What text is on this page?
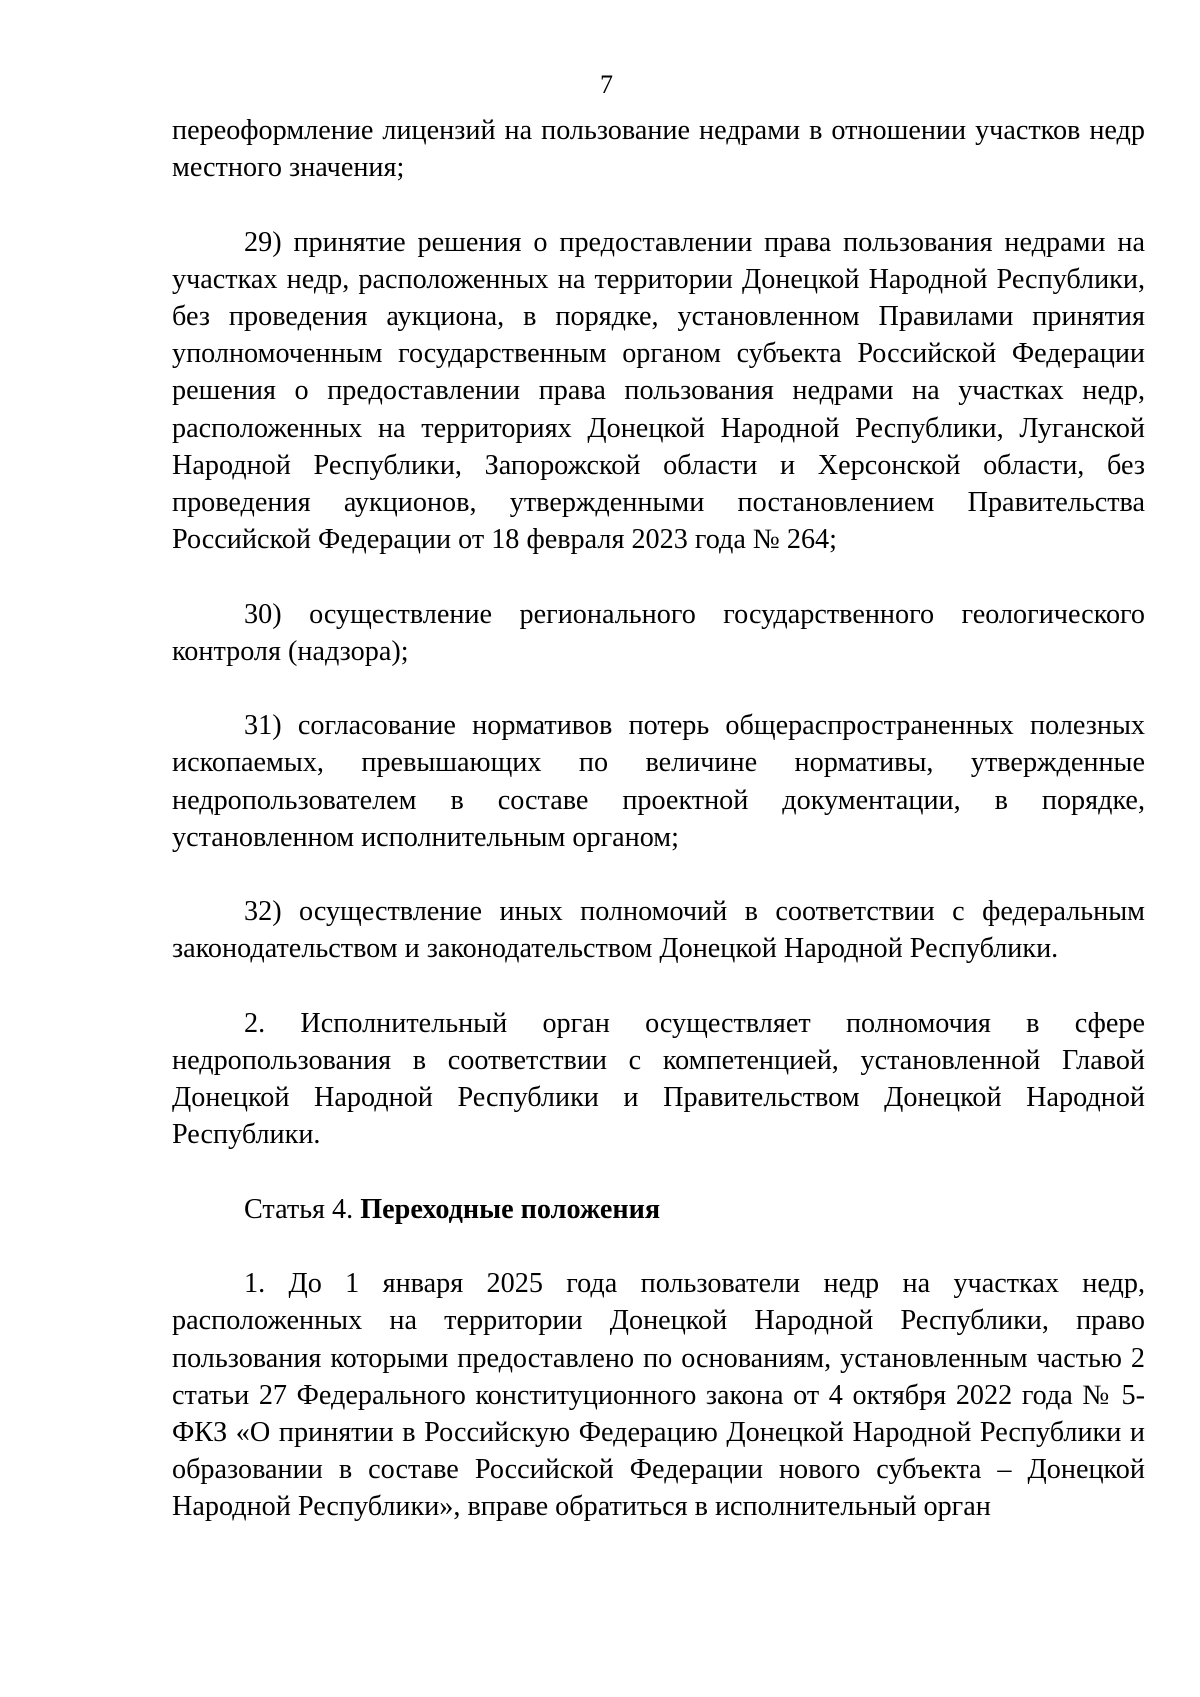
7

переоформление лицензий на пользование недрами в отношении участков недр местного значения;

29) принятие решения о предоставлении права пользования недрами на участках недр, расположенных на территории Донецкой Народной Республики, без проведения аукциона, в порядке, установленном Правилами принятия уполномоченным государственным органом субъекта Российской Федерации решения о предоставлении права пользования недрами на участках недр, расположенных на территориях Донецкой Народной Республики, Луганской Народной Республики, Запорожской области и Херсонской области, без проведения аукционов, утвержденными постановлением Правительства Российской Федерации от 18 февраля 2023 года № 264;

30) осуществление регионального государственного геологического контроля (надзора);

31) согласование нормативов потерь общераспространенных полезных ископаемых, превышающих по величине нормативы, утвержденные недропользователем в составе проектной документации, в порядке, установленном исполнительным органом;

32) осуществление иных полномочий в соответствии с федеральным законодательством и законодательством Донецкой Народной Республики.

2. Исполнительный орган осуществляет полномочия в сфере недропользования в соответствии с компетенцией, установленной Главой Донецкой Народной Республики и Правительством Донецкой Народной Республики.

Статья 4. Переходные положения

1. До 1 января 2025 года пользователи недр на участках недр, расположенных на территории Донецкой Народной Республики, право пользования которыми предоставлено по основаниям, установленным частью 2 статьи 27 Федерального конституционного закона от 4 октября 2022 года № 5-ФКЗ «О принятии в Российскую Федерацию Донецкой Народной Республики и образовании в составе Российской Федерации нового субъекта – Донецкой Народной Республики», вправе обратиться в исполнительный орган
